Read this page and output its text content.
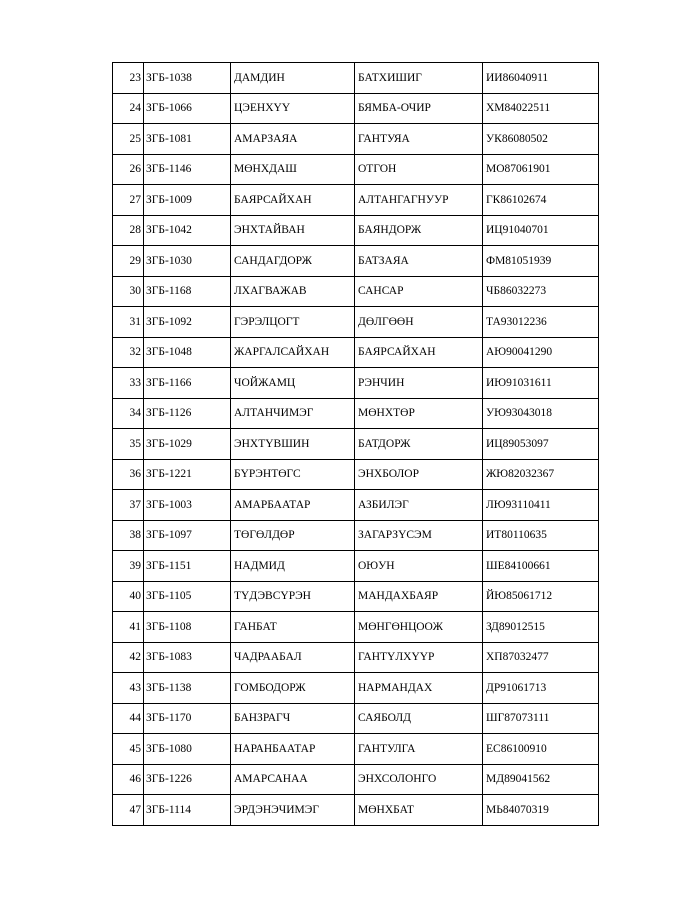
23	ЗГБ-1038	ДАМДИН	БАТХИШИГ	ИИ86040911
24	ЗГБ-1066	ЦЭЕНХҮҮ	БЯМБА-ОЧИР	ХМ84022511
25	ЗГБ-1081	АМАРЗАЯА	ГАНТУЯА	УК86080502
26	ЗГБ-1146	МӨНХДАШ	ОТГОН	МО87061901
27	ЗГБ-1009	БАЯРСАЙХАН	АЛТАНГАГНУУР	ГК86102674
28	ЗГБ-1042	ЭНХТАЙВАН	БАЯНДОРЖ	ИЦ91040701
29	ЗГБ-1030	САНДАГДОРЖ	БАТЗАЯА	ФМ81051939
30	ЗГБ-1168	ЛХАГВАЖАВ	САНСАР	ЧБ86032273
31	ЗГБ-1092	ГЭРЭЛЦОГТ	ДӨЛГӨӨН	ТА93012236
32	ЗГБ-1048	ЖАРГАЛСАЙХАН	БАЯРСАЙХАН	АЮ90041290
33	ЗГБ-1166	ЧОЙЖАМЦ	РЭНЧИН	ИЮ91031611
34	ЗГБ-1126	АЛТАНЧИМЭГ	МӨНХТӨР	УЮ93043018
35	ЗГБ-1029	ЭНХТҮВШИН	БАТДОРЖ	ИЦ89053097
36	ЗГБ-1221	БҮРЭНТӨГС	ЭНХБОЛОР	ЖЮ82032367
37	ЗГБ-1003	АМАРБААТАР	АЗБИЛЭГ	ЛЮ93110411
38	ЗГБ-1097	ТӨГӨЛДӨР	ЗАГАРЗҮСЭМ	ИТ80110635
39	ЗГБ-1151	НАДМИД	ОЮУН	ШЕ84100661
40	ЗГБ-1105	ТҮДЭВСҮРЭН	МАНДАХБАЯР	ЙЮ85061712
41	ЗГБ-1108	ГАНБАТ	МӨНГӨНЦООЖ	ЗД89012515
42	ЗГБ-1083	ЧАДРААБАЛ	ГАНТҮЛХҮҮР	ХП87032477
43	ЗГБ-1138	ГОМБОДОРЖ	НАРМАНДАХ	ДР91061713
44	ЗГБ-1170	БАНЗРАГЧ	САЯБОЛД	ШГ87073111
45	ЗГБ-1080	НАРАНБААТАР	ГАНТУЛГА	ЕС86100910
46	ЗГБ-1226	АМАРСАНАА	ЭНХСОЛОНГО	МД89041562
47	ЗГБ-1114	ЭРДЭНЭЧИМЭГ	МӨНХБАТ	МЬ84070319
